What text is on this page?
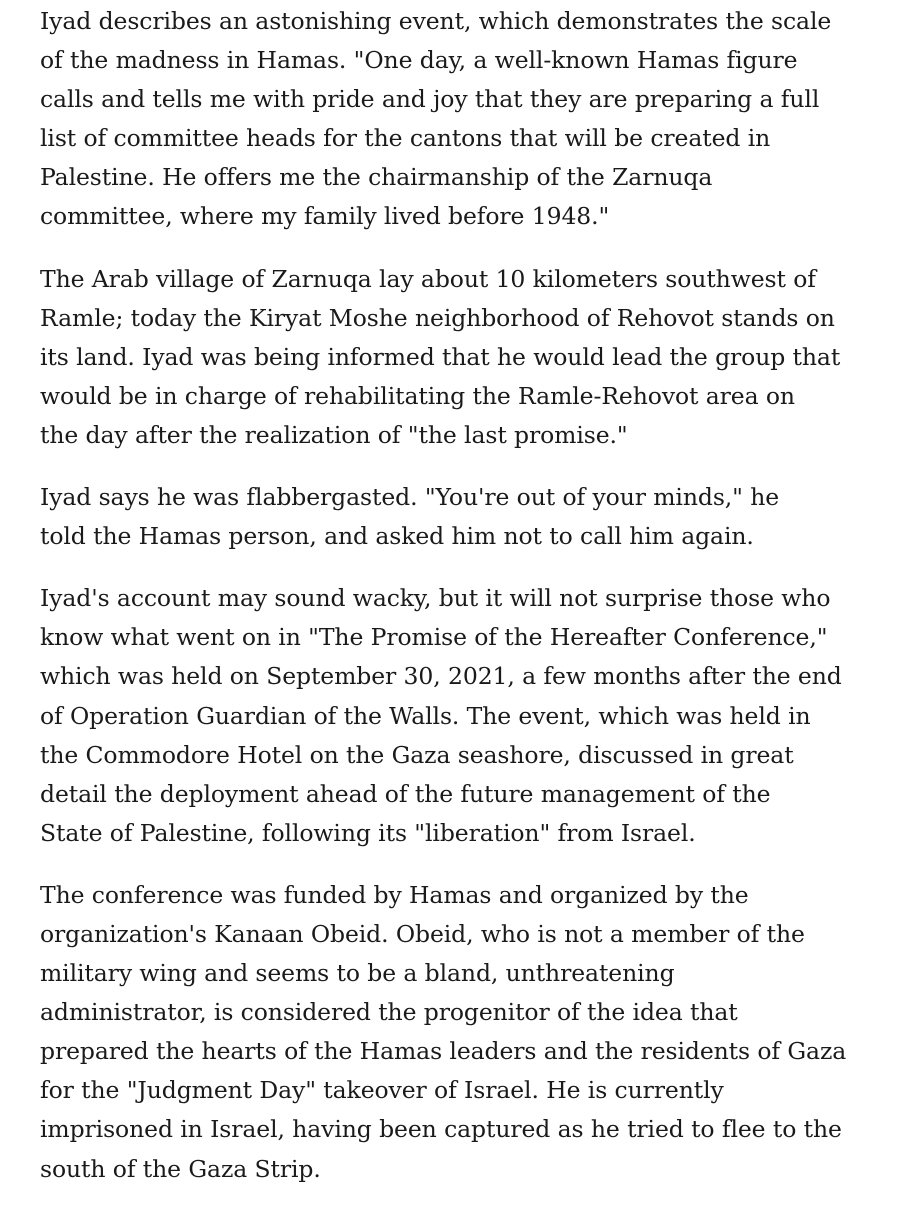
Iyad describes an astonishing event, which demonstrates the scale
of the madness in Hamas. "One day, a well-known Hamas figure
calls and tells me with pride and joy that they are preparing a full
list of committee heads for the cantons that will be created in
Palestine. He offers me the chairmanship of the Zarnuqa
committee, where my family lived before 1948."

The Arab village of Zarnuqa lay about 10 kilometers southwest of
Ramle; today the Kiryat Moshe neighborhood of Rehovot stands on
its land. Iyad was being informed that he would lead the group that
would be in charge of rehabilitating the Ramle-Rehovot area on
the day after the realization of "the last promise."

Iyad says he was flabbergasted. "You're out of your minds," he
told the Hamas person, and asked him not to call him again.

Iyad's account may sound wacky, but it will not surprise those who
know what went on in "The Promise of the Hereafter Conference,"
which was held on September 30, 2021, a few months after the end
of Operation Guardian of the Walls. The event, which was held in
the Commodore Hotel on the Gaza seashore, discussed in great
detail the deployment ahead of the future management of the
State of Palestine, following its "liberation" from Israel.

The conference was funded by Hamas and organized by the
organization's Kanaan Obeid. Obeid, who is not a member of the
military wing and seems to be a bland, unthreatening
administrator, is considered the progenitor of the idea that
prepared the hearts of the Hamas leaders and the residents of Gaza
for the "Judgment Day" takeover of Israel. He is currently
imprisoned in Israel, having been captured as he tried to flee to the
south of the Gaza Strip.
